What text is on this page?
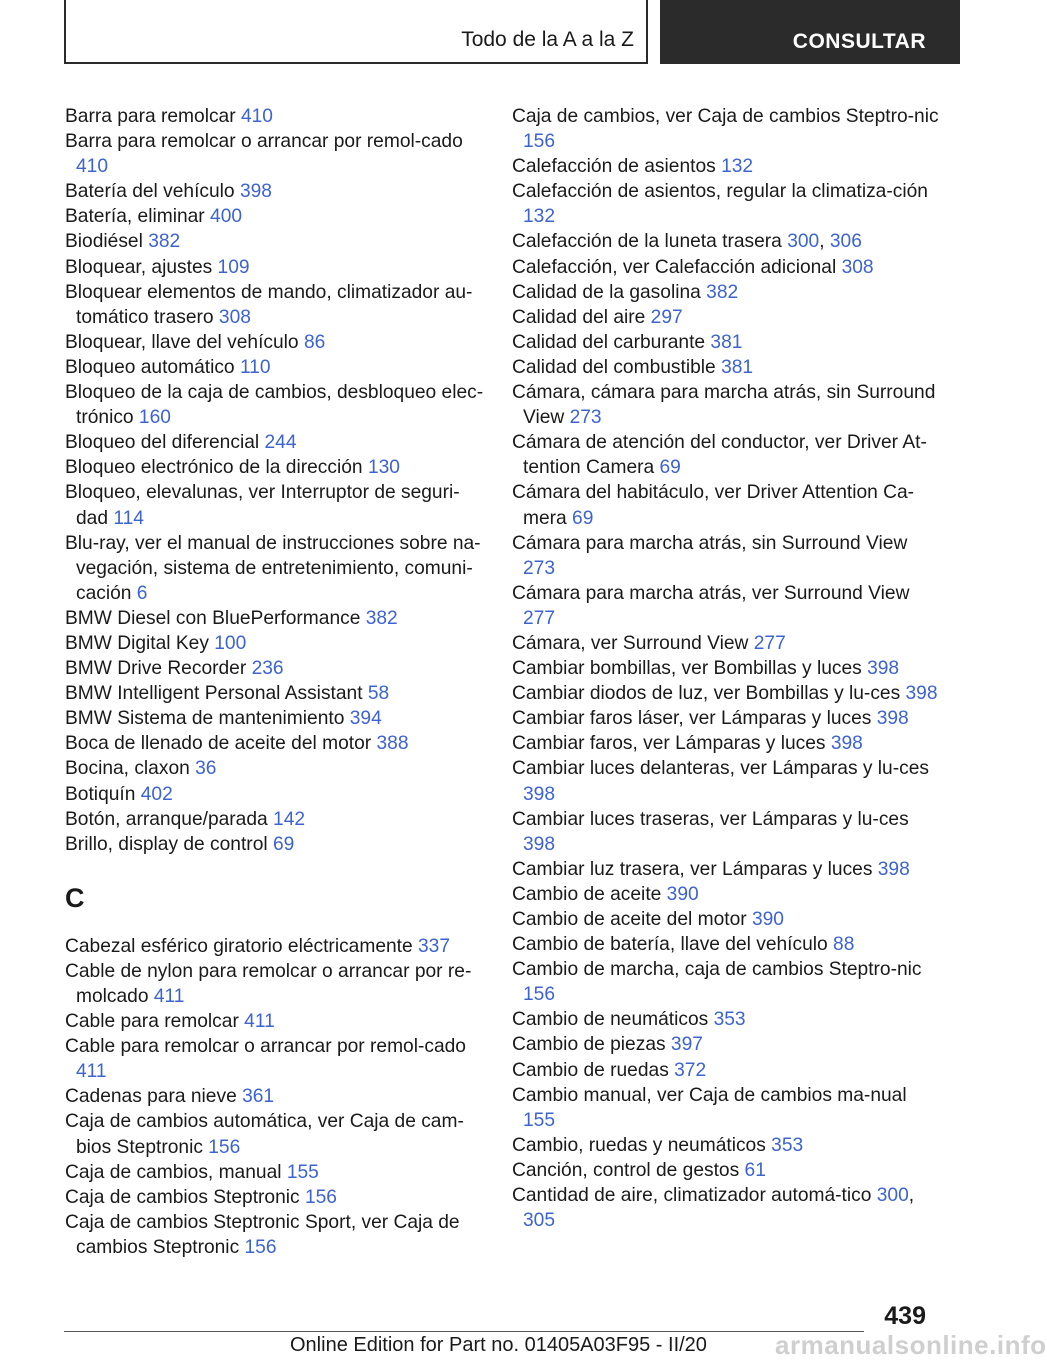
Todo de la A a la Z	CONSULTAR
Barra para remolcar 410
Barra para remolcar o arrancar por remol‐cado 410
Batería del vehículo 398
Batería, eliminar 400
Biodiésel 382
Bloquear, ajustes 109
Bloquear elementos de mando, climatizador au‐tomático trasero 308
Bloquear, llave del vehículo 86
Bloqueo automático 110
Bloqueo de la caja de cambios, desbloqueo elec‐trónico 160
Bloqueo del diferencial 244
Bloqueo electrónico de la dirección 130
Bloqueo, elevalunas, ver Interruptor de seguri‐dad 114
Blu-ray, ver el manual de instrucciones sobre na‐vegación, sistema de entretenimiento, comuni‐cación 6
BMW Diesel con BluePerformance 382
BMW Digital Key 100
BMW Drive Recorder 236
BMW Intelligent Personal Assistant 58
BMW Sistema de mantenimiento 394
Boca de llenado de aceite del motor 388
Bocina, claxon 36
Botiquín 402
Botón, arranque/parada 142
Brillo, display de control 69
C
Cabezal esférico giratorio eléctricamente 337
Cable de nylon para remolcar o arrancar por re‐molcado 411
Cable para remolcar 411
Cable para remolcar o arrancar por remol‐cado 411
Cadenas para nieve 361
Caja de cambios automática, ver Caja de cam‐bios Steptronic 156
Caja de cambios, manual 155
Caja de cambios Steptronic 156
Caja de cambios Steptronic Sport, ver Caja de cambios Steptronic 156
Caja de cambios, ver Caja de cambios Steptro‐nic 156
Calefacción de asientos 132
Calefacción de asientos, regular la climatiza‐ción 132
Calefacción de la luneta trasera 300, 306
Calefacción, ver Calefacción adicional 308
Calidad de la gasolina 382
Calidad del aire 297
Calidad del carburante 381
Calidad del combustible 381
Cámara, cámara para marcha atrás, sin Surround View 273
Cámara de atención del conductor, ver Driver At‐tention Camera 69
Cámara del habitáculo, ver Driver Attention Ca‐mera 69
Cámara para marcha atrás, sin Surround View 273
Cámara para marcha atrás, ver Surround View 277
Cámara, ver Surround View 277
Cambiar bombillas, ver Bombillas y luces 398
Cambiar diodos de luz, ver Bombillas y lu‐ces 398
Cambiar faros láser, ver Lámparas y luces 398
Cambiar faros, ver Lámparas y luces 398
Cambiar luces delanteras, ver Lámparas y lu‐ces 398
Cambiar luces traseras, ver Lámparas y lu‐ces 398
Cambiar luz trasera, ver Lámparas y luces 398
Cambio de aceite 390
Cambio de aceite del motor 390
Cambio de batería, llave del vehículo 88
Cambio de marcha, caja de cambios Steptro‐nic 156
Cambio de neumáticos 353
Cambio de piezas 397
Cambio de ruedas 372
Cambio manual, ver Caja de cambios ma‐nual 155
Cambio, ruedas y neumáticos 353
Canción, control de gestos 61
Cantidad de aire, climatizador automá‐tico 300, 305
439
Online Edition for Part no. 01405A03F95 - II/20	armanualsonline.info
